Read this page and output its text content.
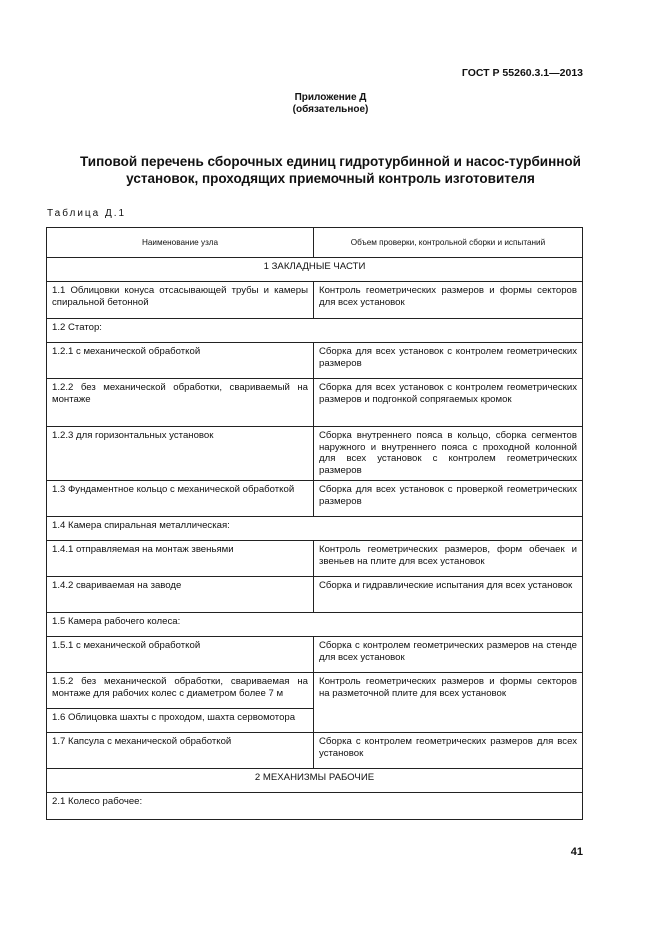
ГОСТ Р 55260.3.1—2013
Приложение Д
(обязательное)
Типовой перечень сборочных единиц гидротурбинной и насос-турбинной
установок, проходящих приемочный контроль изготовителя
Таблица Д.1
Наименование узла	Объем проверки, контрольной сборки и испытаний
1 ЗАКЛАДНЫЕ ЧАСТИ	
1.1 Облицовки конуса отсасывающей трубы и камеры спиральной бетонной	Контроль геометрических размеров и формы секторов для всех установок
1.2 Статор:	
1.2.1 с механической обработкой	Сборка для всех установок с контролем геометрических размеров
1.2.2 без механической обработки, свариваемый на монтаже	Сборка для всех установок с контролем геометрических размеров и подгонкой сопрягаемых кромок
1.2.3 для горизонтальных установок	Сборка внутреннего пояса в кольцо, сборка сегментов наружного и внутреннего пояса с проходной колонной для всех установок с контролем геометрических размеров
1.3 Фундаментное кольцо с механической обработкой	Сборка для всех установок с проверкой геометрических размеров
1.4 Камера спиральная металлическая:	
1.4.1 отправляемая на монтаж звеньями	Контроль геометрических размеров, форм обечаек и звеньев на плите для всех установок
1.4.2 свариваемая на заводе	Сборка и гидравлические испытания для всех установок
1.5 Камера рабочего колеса:	
1.5.1 с механической обработкой	Сборка с контролем геометрических размеров на стенде для всех установок
1.5.2 без механической обработки, свариваемая на монтаже для рабочих колес с диаметром более 7 м	Контроль геометрических размеров и формы секторов на разметочной плите для всех установок
1.6 Облицовка шахты с проходом, шахта сервомотора	
1.7 Капсула с механической обработкой	Сборка с контролем геометрических размеров для всех установок
2 МЕХАНИЗМЫ РАБОЧИЕ	
2.1 Колесо рабочее:	
41
